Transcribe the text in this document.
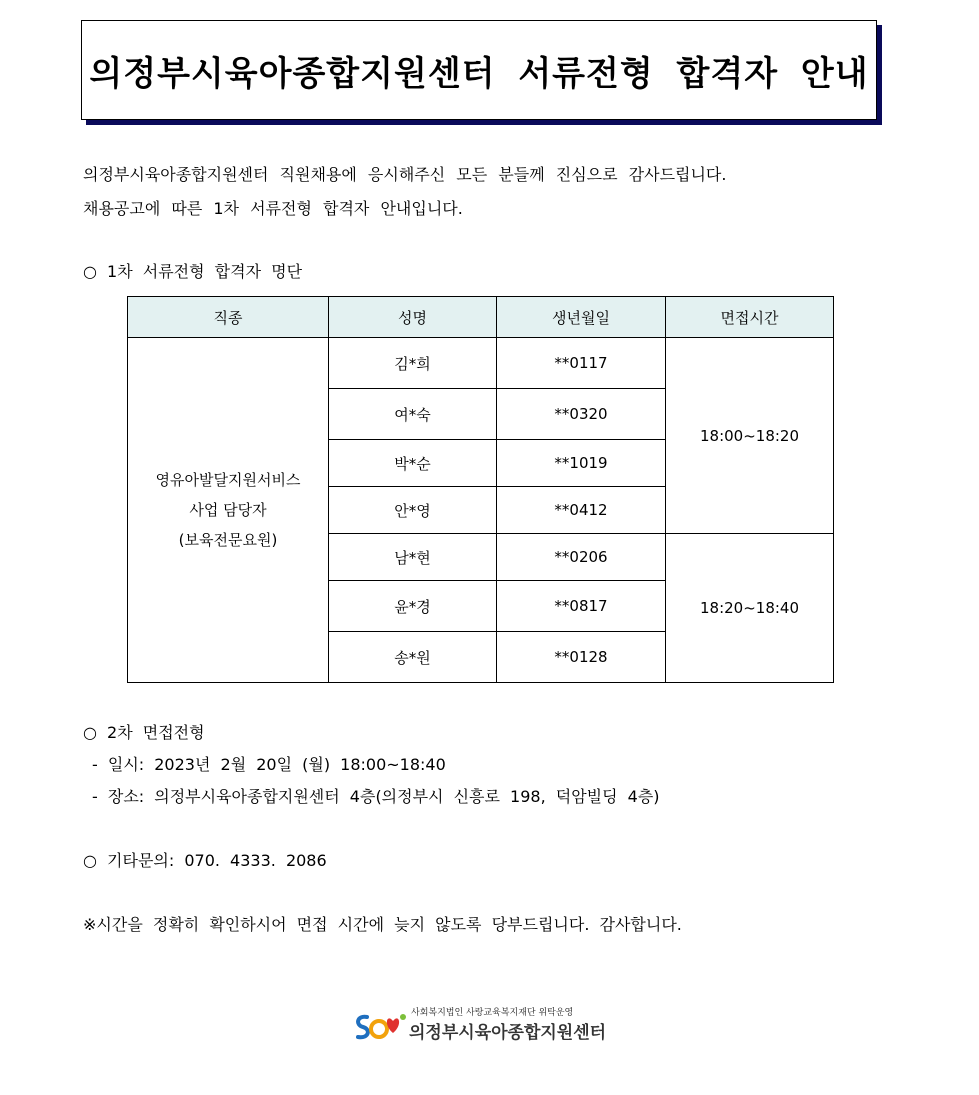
의정부시육아종합지원센터 서류전형 합격자 안내
의정부시육아종합지원센터 직원채용에 응시해주신 모든 분들께 진심으로 감사드립니다.
채용공고에 따른 1차 서류전형 합격자 안내입니다.
○ 1차 서류전형 합격자 명단
직종	성명	생년월일	면접시간

영유아발달지원서비스
사업 담당자
(보육전문요원)	김*희	**0117	18:00~18:20
	여*숙	**0320	
	박*순	**1019	
	안*영	**0412	
	남*현	**0206	18:20~18:40
	윤*경	**0817	
	송*원	**0128	
○ 2차 면접전형
- 일시: 2023년 2월 20일 (월) 18:00~18:40
- 장소: 의정부시육아종합지원센터 4층(의정부시 신흥로 198, 덕암빌딩 4층)
○ 기타문의: 070. 4333. 2086
※시간을 정확히 확인하시어 면접 시간에 늦지 않도록 당부드립니다. 감사합니다.
사회복지법인 사랑교육복지재단 위탁운영
의정부시육아종합지원센터
